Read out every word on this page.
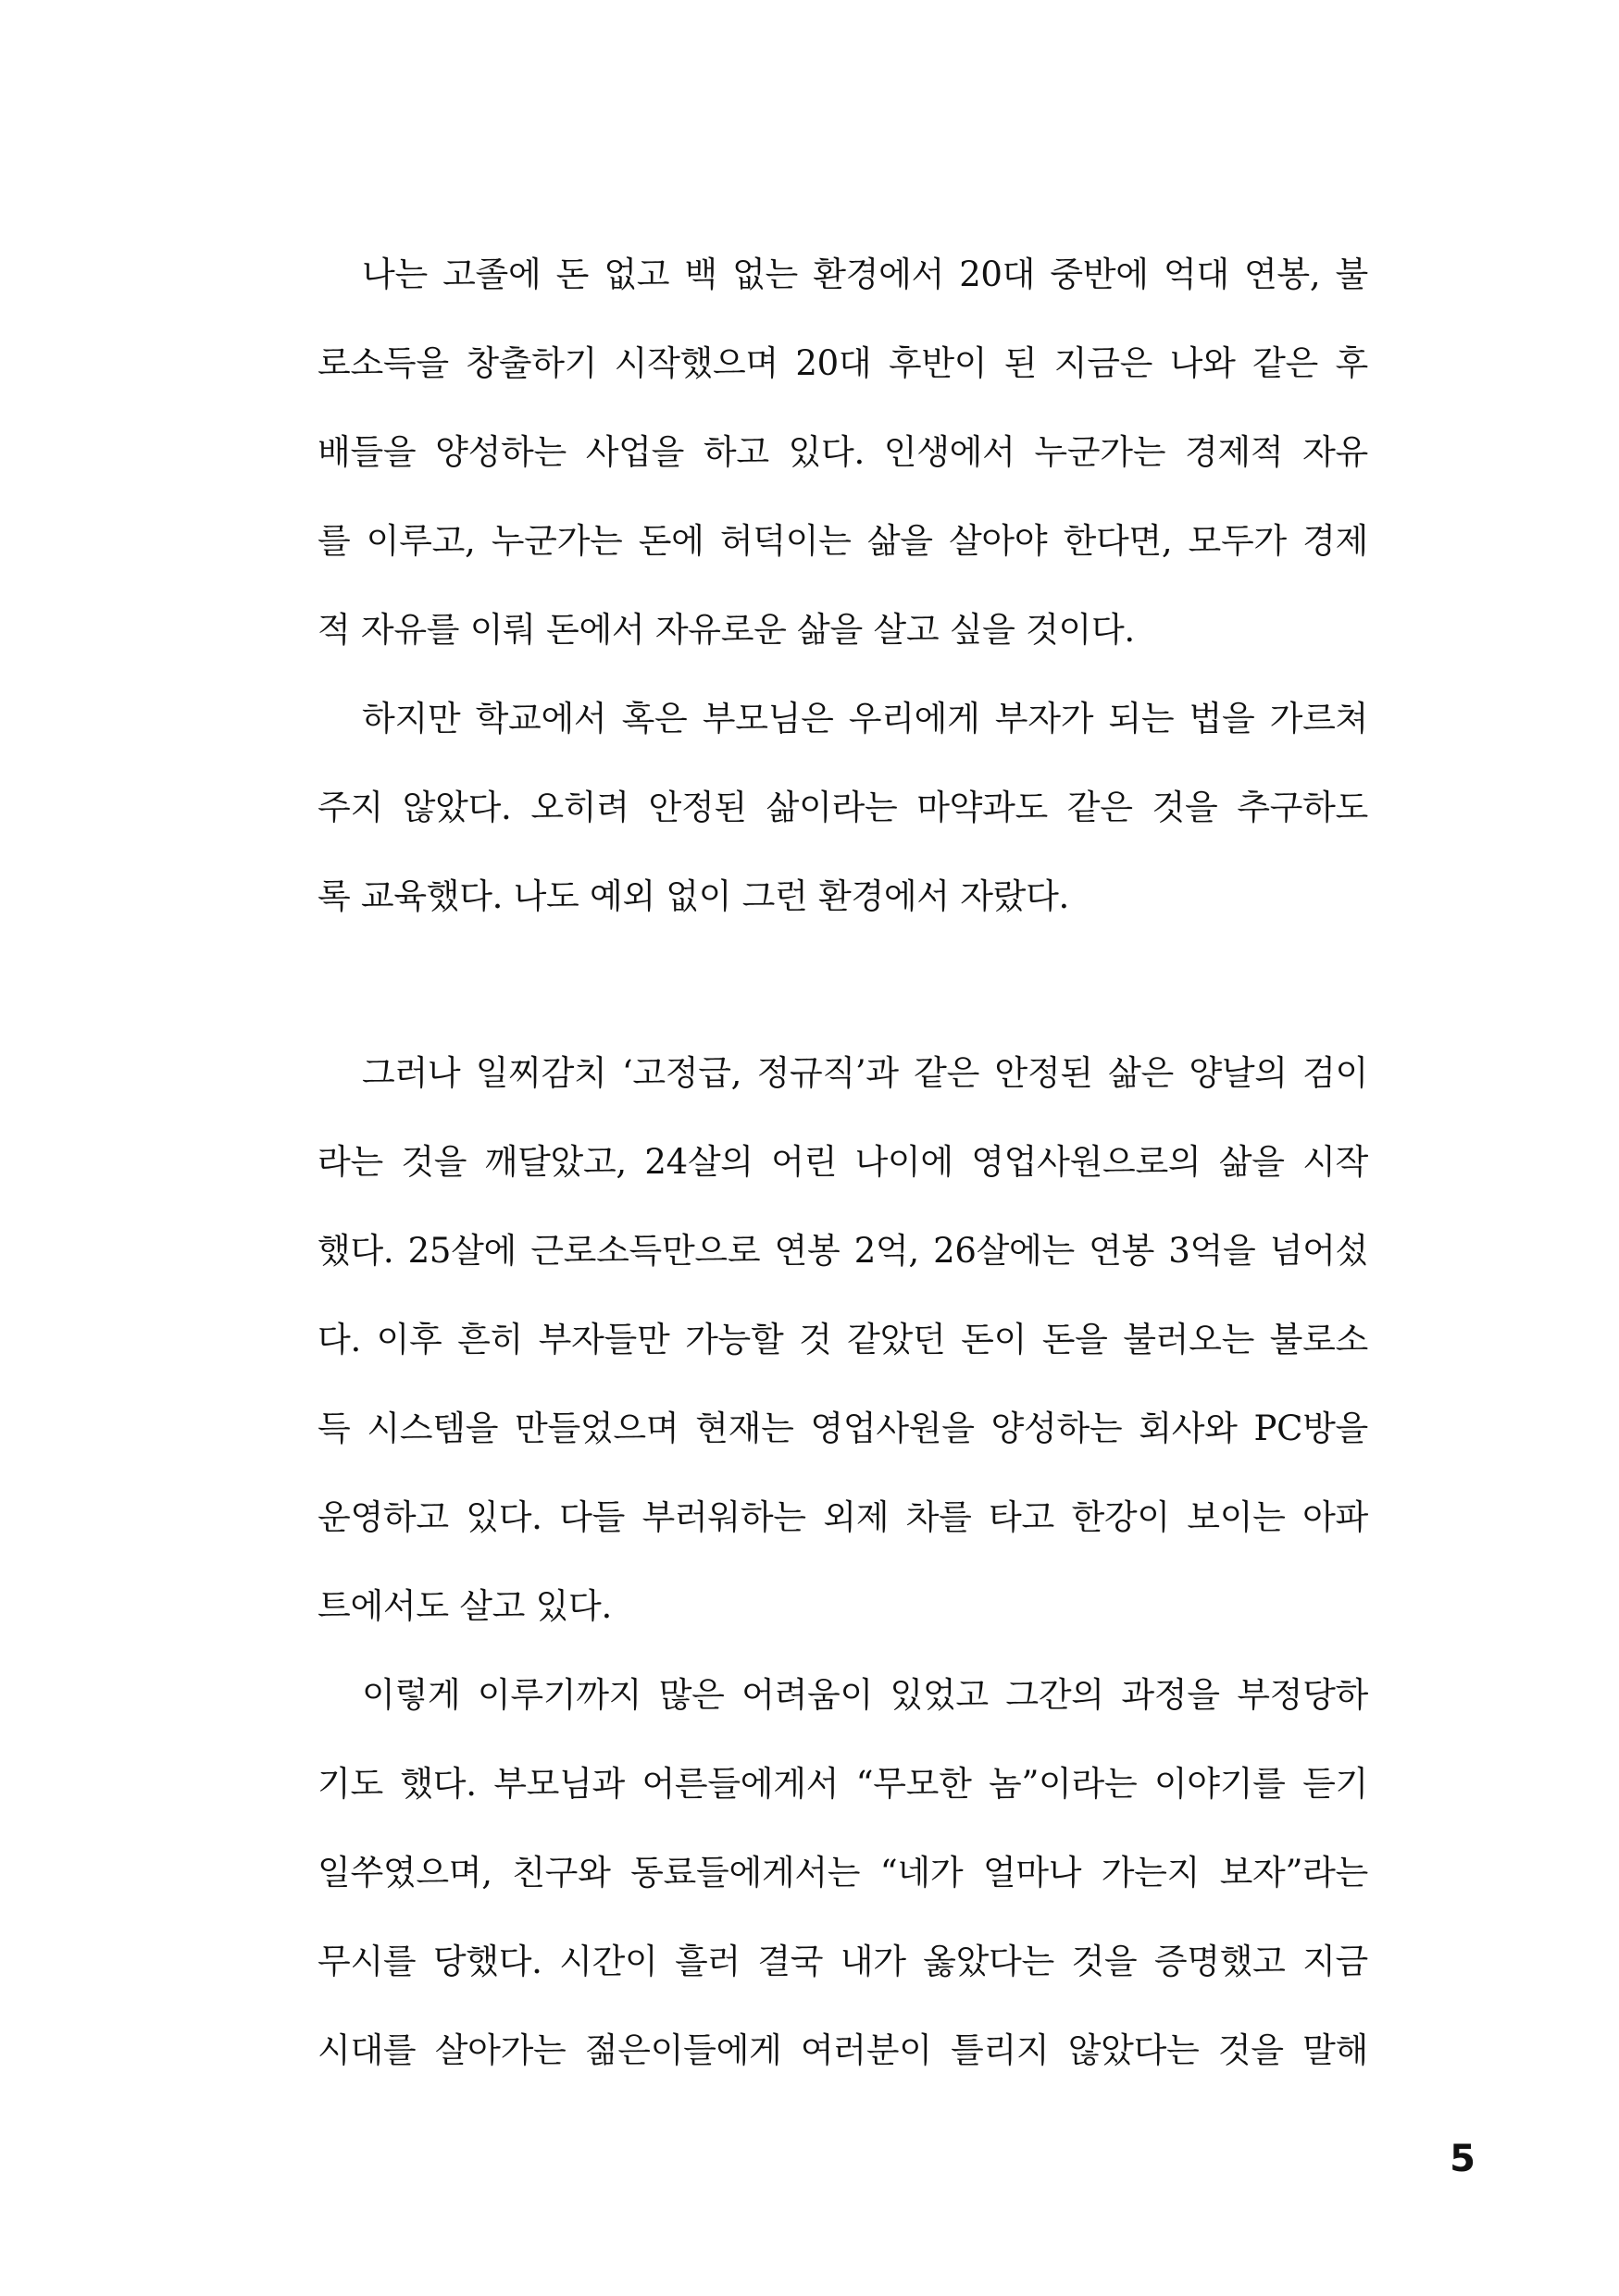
나는 고졸에 돈 없고 백 없는 환경에서 20대 중반에 억대 연봉, 불
로소득을 창출하기 시작했으며 20대 후반이 된 지금은 나와 같은 후
배들을 양성하는 사업을 하고 있다. 인생에서 누군가는 경제적 자유
를 이루고, 누군가는 돈에 허덕이는 삶을 살아야 한다면, 모두가 경제
적 자유를 이뤄 돈에서 자유로운 삶을 살고 싶을 것이다.
하지만 학교에서 혹은 부모님은 우리에게 부자가 되는 법을 가르쳐
주지 않았다. 오히려 안정된 삶이라는 마약과도 같은 것을 추구하도
록 교육했다. 나도 예외 없이 그런 환경에서 자랐다.
그러나 일찌감치 ‘고정급, 정규직’과 같은 안정된 삶은 양날의 검이
라는 것을 깨달았고, 24살의 어린 나이에 영업사원으로의 삶을 시작
했다. 25살에 근로소득만으로 연봉 2억, 26살에는 연봉 3억을 넘어섰
다. 이후 흔히 부자들만 가능할 것 같았던 돈이 돈을 불러오는 불로소
득 시스템을 만들었으며 현재는 영업사원을 양성하는 회사와 PC방을
운영하고 있다. 다들 부러워하는 외제 차를 타고 한강이 보이는 아파
트에서도 살고 있다.
이렇게 이루기까지 많은 어려움이 있었고 그간의 과정을 부정당하
기도 했다. 부모님과 어른들에게서 “무모한 놈”이라는 이야기를 듣기
일쑤였으며, 친구와 동료들에게서는 “네가 얼마나 가는지 보자”라는
무시를 당했다. 시간이 흘러 결국 내가 옳았다는 것을 증명했고 지금
시대를 살아가는 젊은이들에게 여러분이 틀리지 않았다는 것을 말해
5
